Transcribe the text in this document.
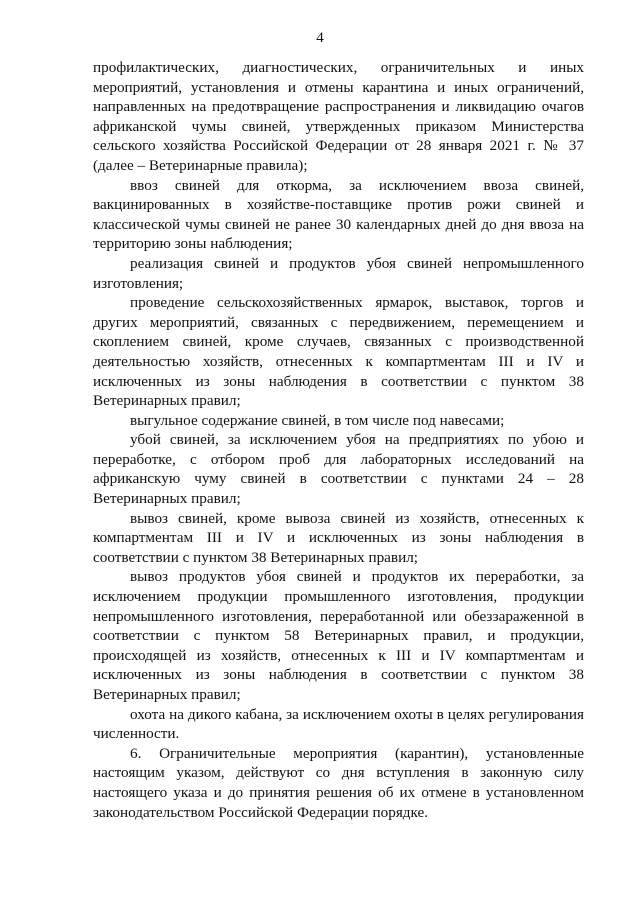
4

профилактических, диагностических, ограничительных и иных мероприятий, установления и отмены карантина и иных ограничений, направленных на предотвращение распространения и ликвидацию очагов африканской чумы свиней, утвержденных приказом Министерства сельского хозяйства Российской Федерации от 28 января 2021 г. № 37 (далее – Ветеринарные правила);

ввоз свиней для откорма, за исключением ввоза свиней, вакцинированных в хозяйстве-поставщике против рожи свиней и классической чумы свиней не ранее 30 календарных дней до дня ввоза на территорию зоны наблюдения;

реализация свиней и продуктов убоя свиней непромышленного изготовления;

проведение сельскохозяйственных ярмарок, выставок, торгов и других мероприятий, связанных с передвижением, перемещением и скоплением свиней, кроме случаев, связанных с производственной деятельностью хозяйств, отнесенных к компартментам III и IV и исключенных из зоны наблюдения в соответствии с пунктом 38 Ветеринарных правил;

выгульное содержание свиней, в том числе под навесами;

убой свиней, за исключением убоя на предприятиях по убою и переработке, с отбором проб для лабораторных исследований на африканскую чуму свиней в соответствии с пунктами 24 – 28 Ветеринарных правил;

вывоз свиней, кроме вывоза свиней из хозяйств, отнесенных к компартментам III и IV и исключенных из зоны наблюдения в соответствии с пунктом 38 Ветеринарных правил;

вывоз продуктов убоя свиней и продуктов их переработки, за исключением продукции промышленного изготовления, продукции непромышленного изготовления, переработанной или обеззараженной в соответствии с пунктом 58 Ветеринарных правил, и продукции, происходящей из хозяйств, отнесенных к III и IV компартментам и исключенных из зоны наблюдения в соответствии с пунктом 38 Ветеринарных правил;

охота на дикого кабана, за исключением охоты в целях регулирования численности.

6. Ограничительные мероприятия (карантин), установленные настоящим указом, действуют со дня вступления в законную силу настоящего указа и до принятия решения об их отмене в установленном законодательством Российской Федерации порядке.
